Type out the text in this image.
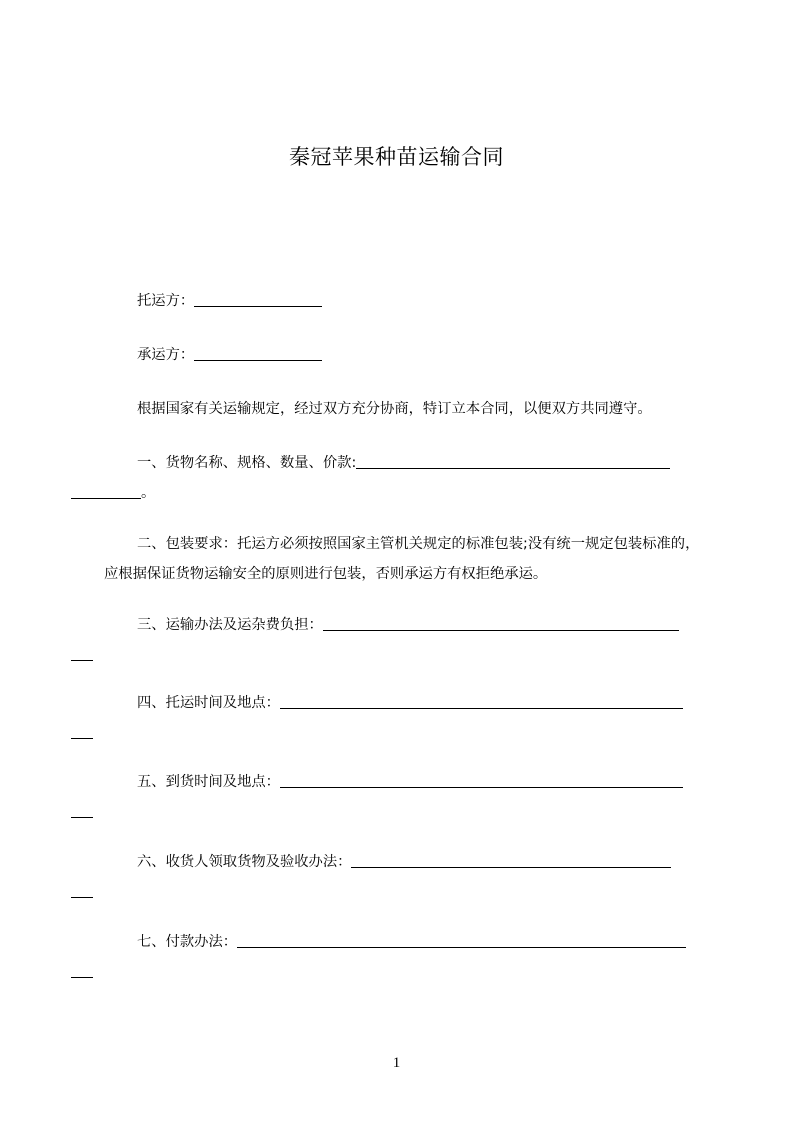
秦冠苹果种苗运输合同

托运方：

承运方：

根据国家有关运输规定，经过双方充分协商，特订立本合同，以便双方共同遵守。

一、货物名称、规格、数量、价款:
。

二、包装要求：托运方必须按照国家主管机关规定的标准包装;没有统一规定包装标准的，应根据保证货物运输安全的原则进行包装，否则承运方有权拒绝承运。

三、运输办法及运杂费负担：

四、托运时间及地点：

五、到货时间及地点：

六、收货人领取货物及验收办法：

七、付款办法：

1
